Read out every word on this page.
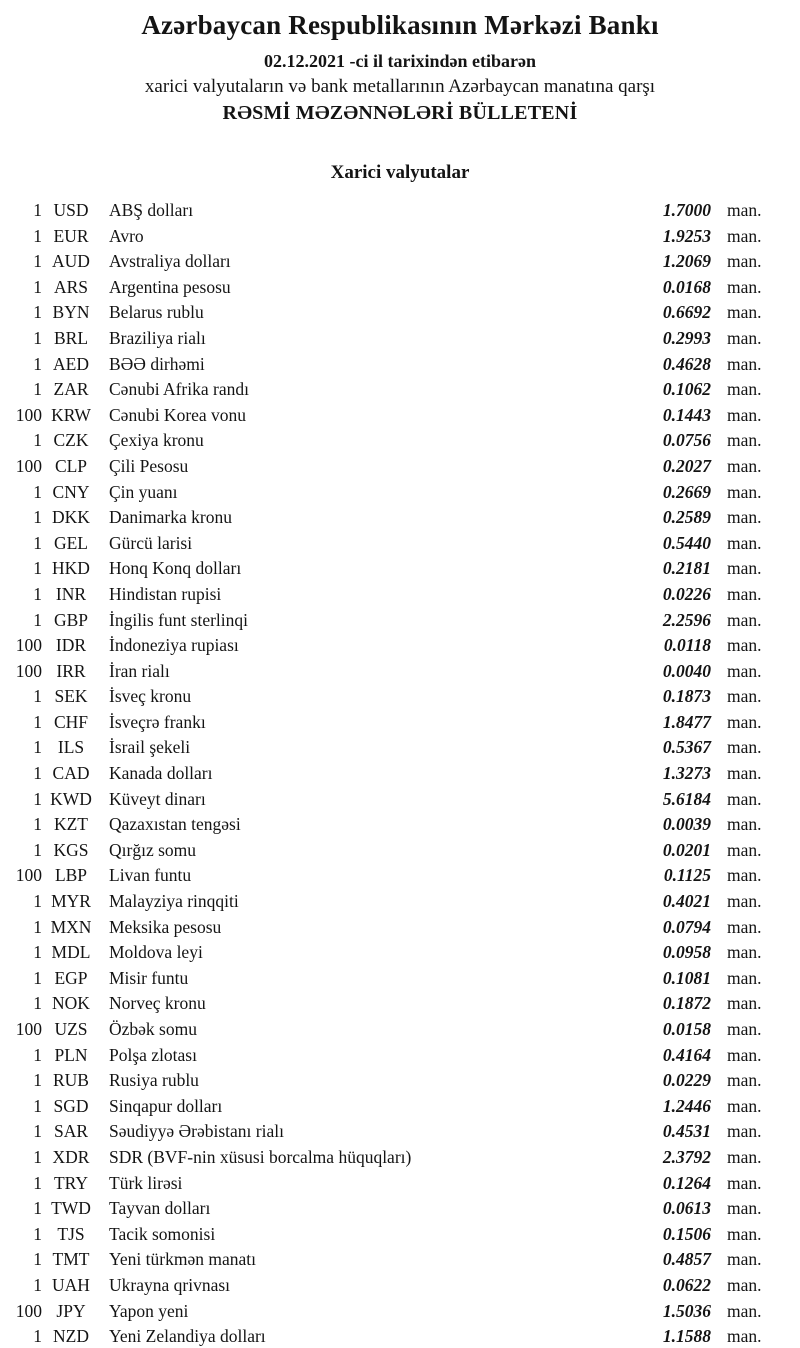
Azərbaycan Respublikasının Mərkəzi Bankı
02.12.2021 -ci il tarixindən etibarən
xarici valyutaların və bank metallarının Azərbaycan manatına qarşı
RƏSMİ MƏZƏNNƏLƏRİ BÜLLETENİ
Xarici valyutalar
1 USD	ABŞ dolları	1.7000 man.
1 EUR	Avro	1.9253 man.
1 AUD	Avstraliya dolları	1.2069 man.
1 ARS	Argentina pesosu	0.0168 man.
1 BYN	Belarus rublu	0.6692 man.
1 BRL	Braziliya rialı	0.2993 man.
1 AED	BƏƏ dirhəmi	0.4628 man.
1 ZAR	Cənubi Afrika randı	0.1062 man.
100 KRW	Cənubi Korea vonu	0.1443 man.
1 CZK	Çexiya kronu	0.0756 man.
100 CLP	Çili Pesosu	0.2027 man.
1 CNY	Çin yuanı	0.2669 man.
1 DKK	Danimarka kronu	0.2589 man.
1 GEL	Gürcü larisi	0.5440 man.
1 HKD	Honq Konq dolları	0.2181 man.
1 INR	Hindistan rupisi	0.0226 man.
1 GBP	İngilis funt sterlinqi	2.2596 man.
100 IDR	İndoneziya rupiası	0.0118 man.
100 IRR	İran rialı	0.0040 man.
1 SEK	İsveç kronu	0.1873 man.
1 CHF	İsveçrə frankı	1.8477 man.
1 ILS	İsrail şekeli	0.5367 man.
1 CAD	Kanada dolları	1.3273 man.
1 KWD Küveyt dinarı	5.6184 man.
1 KZT	Qazaxıstan tengəsi	0.0039 man.
1 KGS	Qırğız somu	0.0201 man.
100 LBP	Livan funtu	0.1125 man.
1 MYR	Malayziya rinqqiti	0.4021 man.
1 MXN	Meksika pesosu	0.0794 man.
1 MDL	Moldova leyi	0.0958 man.
1 EGP	Misir funtu	0.1081 man.
1 NOK	Norveç kronu	0.1872 man.
100 UZS	Özbək somu	0.0158 man.
1 PLN	Polşa zlotası	0.4164 man.
1 RUB	Rusiya rublu	0.0229 man.
1 SGD	Sinqapur dolları	1.2446 man.
1 SAR	Səudiyyə Ərəbistanı rialı	0.4531 man.
1 XDR	SDR (BVF-nin xüsusi borcalma hüquqları)	2.3792 man.
1 TRY	Türk lirəsi	0.1264 man.
1 TWD	Tayvan dolları	0.0613 man.
1 TJS	Tacik somonisi	0.1506 man.
1 TMT	Yeni türkmən manatı	0.4857 man.
1 UAH	Ukrayna qrivnası	0.0622 man.
100 JPY	Yapon yeni	1.5036 man.
1 NZD	Yeni Zelandiya dolları	1.1588 man.
